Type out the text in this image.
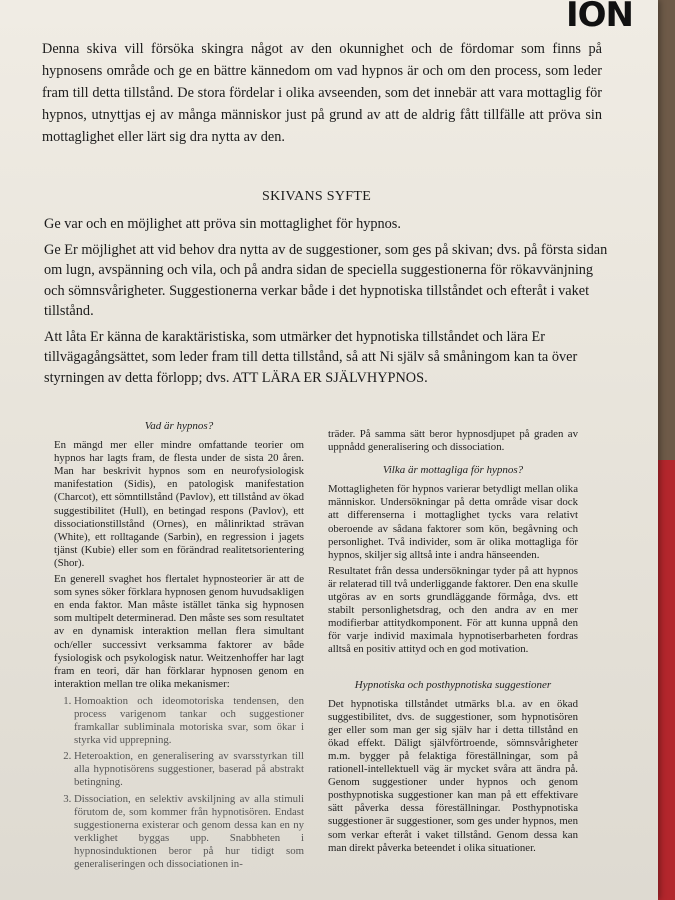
ION

Denna skiva vill försöka skingra något av den okunnighet och de fördomar som finns på hypnosens område och ge en bättre kännedom om vad hypnos är och om den process, som leder fram till detta tillstånd. De stora fördelar i olika avseenden, som det innebär att vara mottaglig för hypnos, utnyttjas ej av många människor just på grund av att de aldrig fått tillfälle att pröva sin mottaglighet eller lärt sig dra nytta av den.

SKIVANS SYFTE

Ge var och en möjlighet att pröva sin mottaglighet för hypnos.

Ge Er möjlighet att vid behov dra nytta av de suggestioner, som ges på skivan; dvs. på första sidan om lugn, avspänning och vila, och på andra sidan de speciella suggestionerna för rökavvänjning och sömnsvårigheter. Suggestionerna verkar både i det hypnotiska tillståndet och efteråt i vaket tillstånd.

Att låta Er känna de karaktäristiska, som utmärker det hypnotiska tillståndet och lära Er tillvägagångsättet, som leder fram till detta tillstånd, så att Ni själv så småningom kan ta över styrningen av detta förlopp; dvs. ATT LÄRA ER SJÄLVHYPNOS.

Vad är hypnos?

En mängd mer eller mindre omfattande teorier om hypnos har lagts fram, de flesta under de sista 20 åren. Man har beskrivit hypnos som en neurofysiologisk manifestation (Sidis), en patologisk manifestation (Charcot), ett sömntillstånd (Pavlov), ett tillstånd av ökad suggestibilitet (Hull), en betingad respons (Pavlov), ett dissociationstillstånd (Ornes), en målinriktad strävan (White), ett rolltagande (Sarbin), en regression i jagets tjänst (Kubie) eller som en förändrad realitetsorientering (Shor).

En generell svaghet hos flertalet hypnosteorier är att de som synes söker förklara hypnosen genom huvudsakligen en enda faktor. Man måste istället tänka sig hypnosen som multipelt determinerad. Den måste ses som resultatet av en dynamisk interaktion mellan flera simultant och/eller successivt verksamma faktorer av både fysiologisk och psykologisk natur. Weitzenhoffer har lagt fram en teori, där han förklarar hypnosen genom en interaktion mellan tre olika mekanismer:

1. Homoaktion och ideomotoriska tendensen, den process varigenom tankar och suggestioner framkallar subliminala motoriska svar, som ökar i styrka vid upprepning.
2. Heteroaktion, en generalisering av svarsstyrkan till alla hypnotisörens suggestioner, baserad på abstrakt betingning.
3. Dissociation, en selektiv avskiljning av alla stimuli förutom de, som kommer från hypnotisören. Endast suggestionerna existerar och genom dessa kan en ny verklighet byggas upp. Snabbheten i hypnosinduktionen beror på hur tidigt som generaliseringen och dissociationen in-

träder. På samma sätt beror hypnosdjupet på graden av uppnådd generalisering och dissociation.

Vilka är mottagliga för hypnos?

Mottagligheten för hypnos varierar betydligt mellan olika människor. Undersökningar på detta område visar dock att differenserna i mottaglighet tycks vara relativt oberoende av sådana faktorer som kön, begåvning och personlighet. Två individer, som är olika mottagliga för hypnos, skiljer sig alltså inte i andra hänseenden.

Resultatet från dessa undersökningar tyder på att hypnos är relaterad till två underliggande faktorer. Den ena skulle utgöras av en sorts grundläggande förmåga, dvs. ett stabilt personlighetsdrag, och den andra av en mer modifierbar attitydkomponent. För att kunna uppnå den för varje individ maximala hypnotiserbarheten fordras alltså en positiv attityd och en god motivation.

Hypnotiska och posthypnotiska suggestioner

Det hypnotiska tillståndet utmärks bl.a. av en ökad suggestibilitet, dvs. de suggestioner, som hypnotisören ger eller som man ger sig själv har i detta tillstånd en ökad effekt. Däligt självförtroende, sömnsvårigheter m.m. bygger på felaktiga föreställningar, som på rationell-intellektuell väg är mycket svåra att ändra på. Genom suggestioner under hypnos och genom posthypnotiska suggestioner kan man på ett effektivare sätt påverka dessa föreställningar. Posthypnotiska suggestioner är suggestioner, som ges under hypnos, men som verkar efteråt i vaket tillstånd. Genom dessa kan man direkt påverka beteendet i olika situationer.
